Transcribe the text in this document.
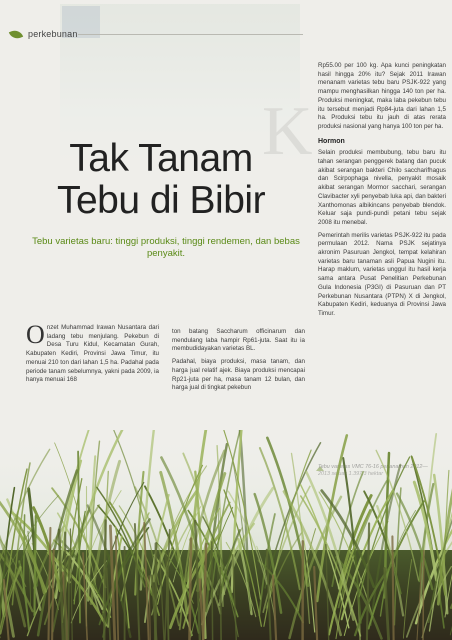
perkebunan
K
Tak Tanam
Tebu di Bibir
Tebu varietas baru: tinggi produksi, tinggi rendemen, dan bebas penyakit.
O nzet Muhammad Irawan Nusantara dari ladang tebu menjulang. Pekebun di Desa Turu Kidul, Kecamatan Gurah, Kabupaten Kediri, Provinsi Jawa Timur, itu menuai 210 ton dari lahan 1,5 ha. Padahal pada periode tanam sebelumnya, yakni pada 2009, ia hanya menuai 168

ton batang Saccharum officinarum dan mendulang laba hampir Rp61-juta. Saat itu ia membudidayakan varietas BL.

Padahal, biaya produksi, masa tanam, dan harga jual relatif ajek. Biaya produksi mencapai Rp21-juta per ha, masa tanam 12 bulan, dan harga jual di tingkat pekebun

Rp55.00 per 100 kg. Apa kunci peningkatan hasil hingga 20% itu? Sejak 2011 Irawan menanam varietas tebu baru PSJK-922 yang mampu menghasilkan hingga 140 ton per ha. Produksi meningkat, maka laba pekebun tebu itu tersebut menjadi Rp84-juta dari lahan 1,5 ha. Produksi tebu itu jauh di atas rerata produksi nasional yang hanya 100 ton per ha.

Hormon

Selain produksi membubung, tebu baru itu tahan serangan penggerek batang dan pucuk akibat serangan bakteri Chilo saccharifhagus dan Scirpophaga nivella, penyakit mosaik akibat serangan Mormor sacchari, serangan Clavibacter xyli penyebab luka api, dan bakteri Xanthomonas albikincans penyebab blendok. Keluar saja pundi-pundi petani tebu sejak 2008 itu menebal.

Pemerintah merilis varietas PSJK-922 itu pada permulaan 2012. Nama PSJK sejatinya akronim Pasuruan Jengkol, tempat kelahiran varietas baru tanaman asli Papua Nugini itu. Harap maklum, varietas unggul itu hasil kerja sama antara Pusat Penelitian Perkebunan Gula Indonesia (P3GI) di Pasuruan dan PT Perkebunan Nusantara (PTPN) X di Jengkol, Kabupaten Kediri, keduanya di Provinsi Jawa Timur.
